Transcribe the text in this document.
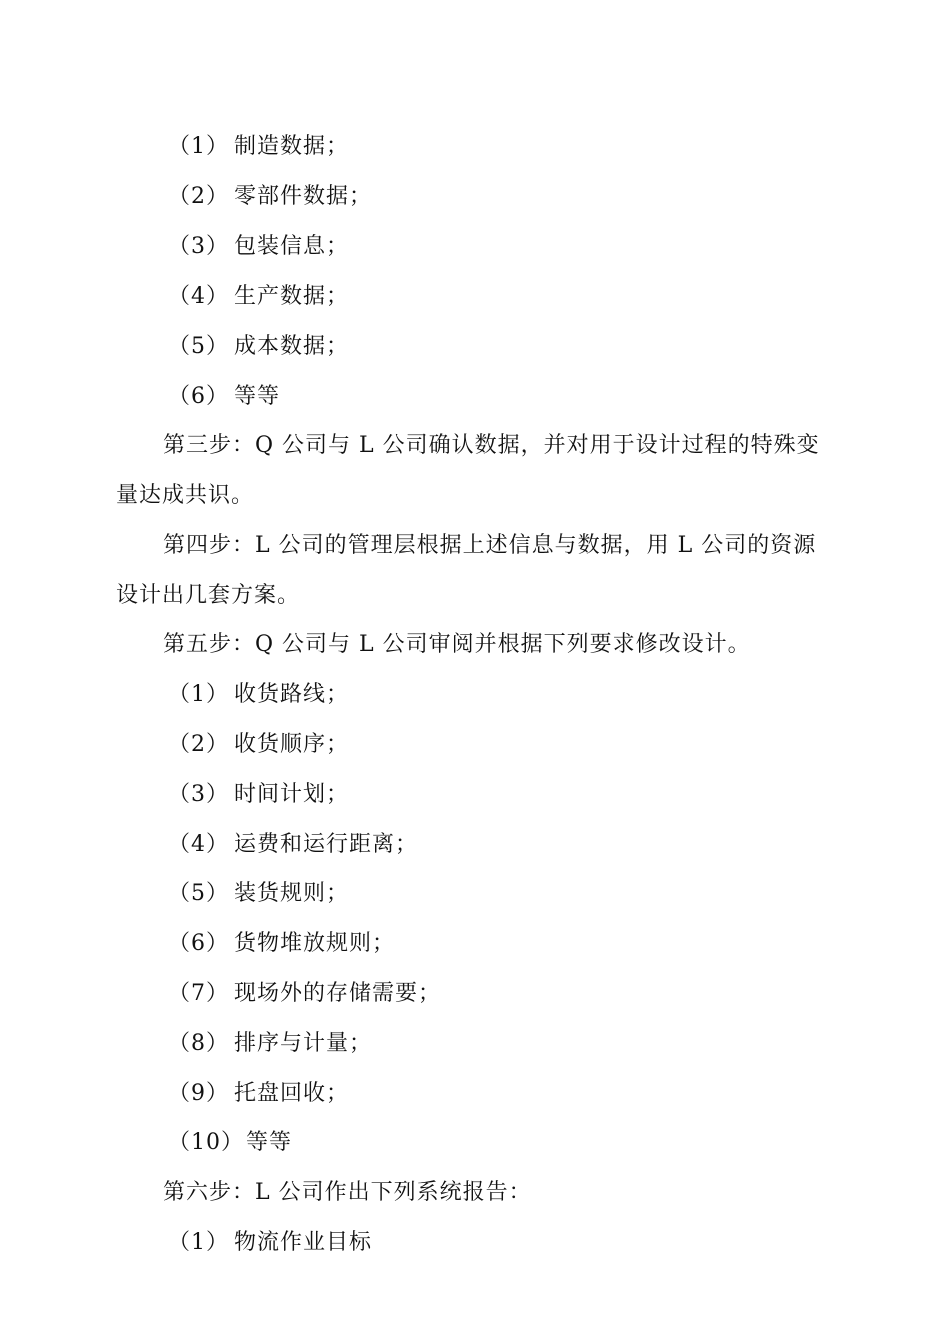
（1） 制造数据；
（2） 零部件数据；
（3） 包装信息；
（4） 生产数据；
（5） 成本数据；
（6） 等等
第三步：Q 公司与 L 公司确认数据，并对用于设计过程的特殊变
量达成共识。
第四步：L 公司的管理层根据上述信息与数据，用 L 公司的资源
设计出几套方案。
第五步：Q 公司与 L 公司审阅并根据下列要求修改设计。
（1） 收货路线；
（2） 收货顺序；
（3） 时间计划；
（4） 运费和运行距离；
（5） 装货规则；
（6） 货物堆放规则；
（7） 现场外的存储需要；
（8） 排序与计量；
（9） 托盘回收；
（10）等等
第六步：L 公司作出下列系统报告：
（1） 物流作业目标
